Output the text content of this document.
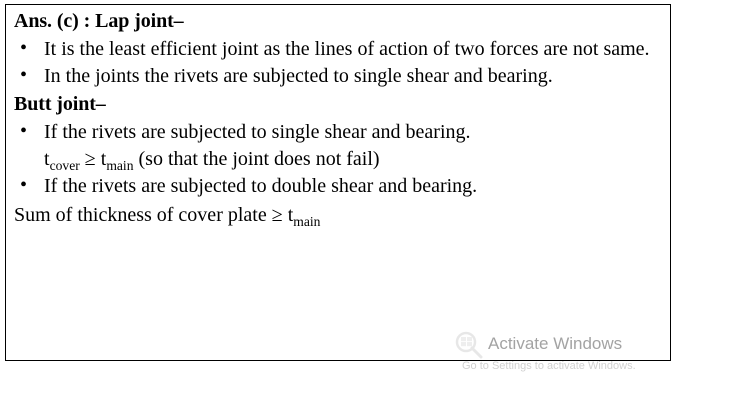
Ans. (c) : Lap joint–
• It is the least efficient joint as the lines of action of two forces are not same.
• In the joints the rivets are subjected to single shear and bearing.
Butt joint–
• If the rivets are subjected to single shear and bearing.
$t_{cover} \ge t_{main}$ (so that the joint does not fail)
• If the rivets are subjected to double shear and bearing.
Sum of thickness of cover plate ≥ $t_{main}$
Activate Windows
Go to Settings to activate Windows.
